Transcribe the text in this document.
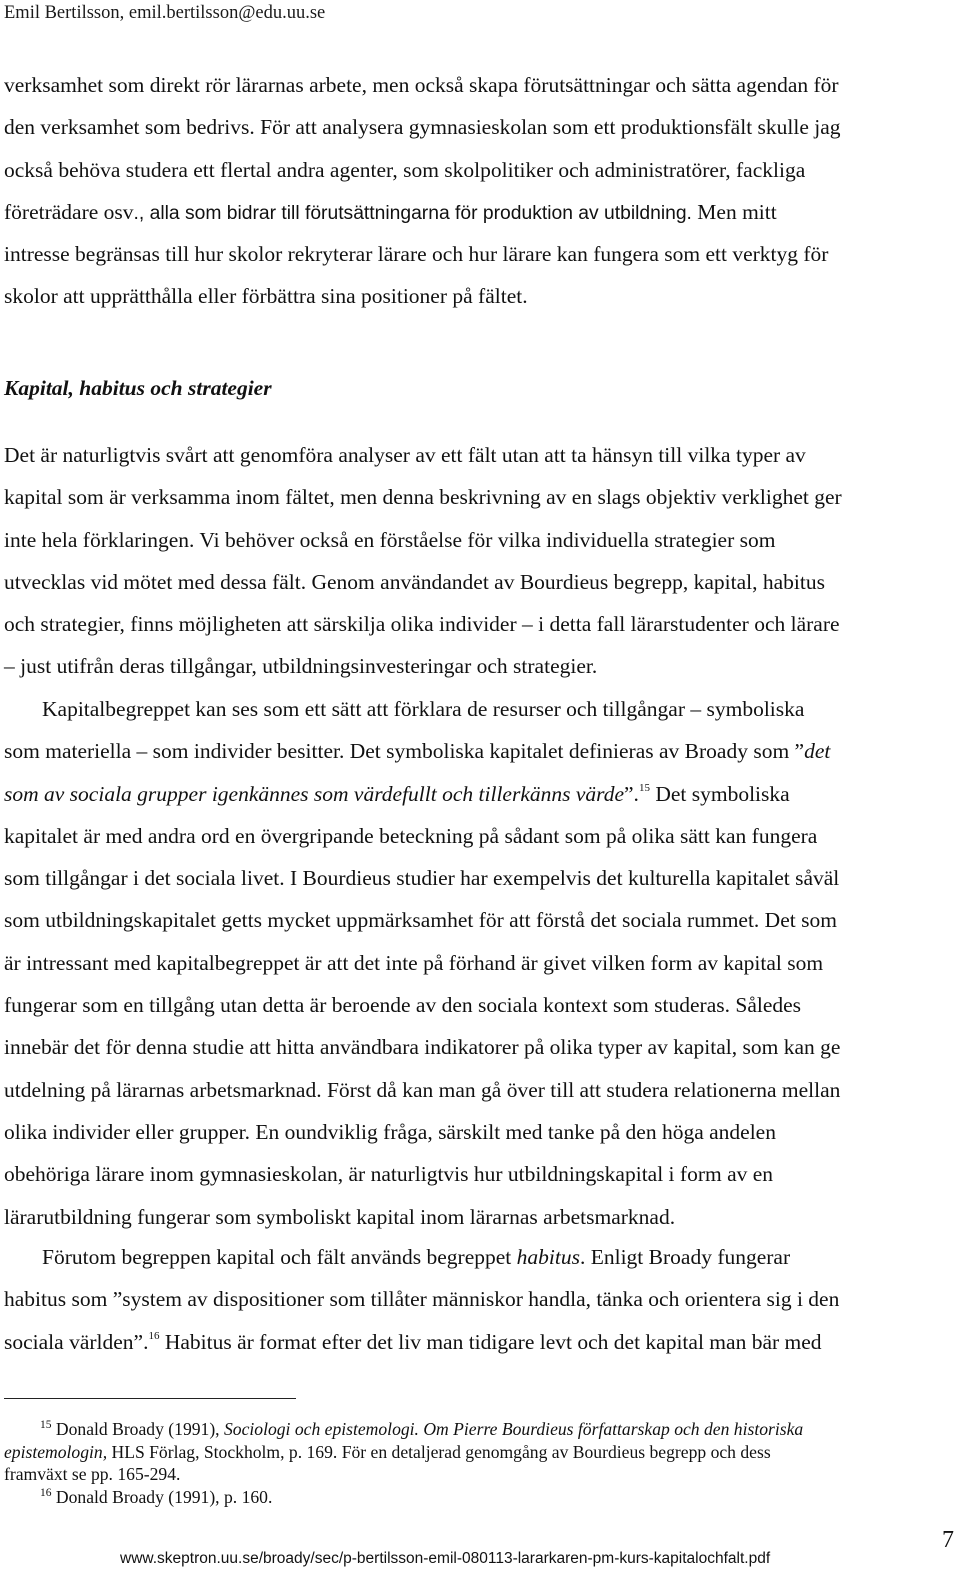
Emil Bertilsson, emil.bertilsson@edu.uu.se
verksamhet som direkt rör lärarnas arbete, men också skapa förutsättningar och sätta agendan för
den verksamhet som bedrivs. För att analysera gymnasieskolan som ett produktionsfält skulle jag
också behöva studera ett flertal andra agenter, som skolpolitiker och administratörer, fackliga
företrädare osv., alla som bidrar till förutsättningarna för produktion av utbildning. Men mitt
intresse begränsas till hur skolor rekryterar lärare och hur lärare kan fungera som ett verktyg för
skolor att upprätthålla eller förbättra sina positioner på fältet.
Kapital, habitus och strategier
Det är naturligtvis svårt att genomföra analyser av ett fält utan att ta hänsyn till vilka typer av
kapital som är verksamma inom fältet, men denna beskrivning av en slags objektiv verklighet ger
inte hela förklaringen. Vi behöver också en förståelse för vilka individuella strategier som
utvecklas vid mötet med dessa fält. Genom användandet av Bourdieus begrepp, kapital, habitus
och strategier, finns möjligheten att särskilja olika individer – i detta fall lärarstudenter och lärare
– just utifrån deras tillgångar, utbildningsinvesteringar och strategier.
Kapitalbegreppet kan ses som ett sätt att förklara de resurser och tillgångar – symboliska
som materiella – som individer besitter. Det symboliska kapitalet definieras av Broady som ”det
som av sociala grupper igenkännes som värdefullt och tillerkänns värde”.$^{15}$ Det symboliska
kapitalet är med andra ord en övergripande beteckning på sådant som på olika sätt kan fungera
som tillgångar i det sociala livet. I Bourdieus studier har exempelvis det kulturella kapitalet såväl
som utbildningskapitalet getts mycket uppmärksamhet för att förstå det sociala rummet. Det som
är intressant med kapitalbegreppet är att det inte på förhand är givet vilken form av kapital som
fungerar som en tillgång utan detta är beroende av den sociala kontext som studeras. Således
innebär det för denna studie att hitta användbara indikatorer på olika typer av kapital, som kan ge
utdelning på lärarnas arbetsmarknad. Först då kan man gå över till att studera relationerna mellan
olika individer eller grupper. En oundviklig fråga, särskilt med tanke på den höga andelen
obehöriga lärare inom gymnasieskolan, är naturligtvis hur utbildningskapital i form av en
lärarutbildning fungerar som symboliskt kapital inom lärarnas arbetsmarknad.
Förutom begreppen kapital och fält används begreppet habitus. Enligt Broady fungerar
habitus som ”system av dispositioner som tillåter människor handla, tänka och orientera sig i den
sociala världen”.$^{16}$ Habitus är format efter det liv man tidigare levt och det kapital man bär med
$^{15}$ Donald Broady (1991), Sociologi och epistemologi. Om Pierre Bourdieus författarskap och den historiska
epistemologin, HLS Förlag, Stockholm, p. 169. För en detaljerad genomgång av Bourdieus begrepp och dess
framväxt se pp. 165-294.
$^{16}$ Donald Broady (1991), p. 160.
7
www.skeptron.uu.se/broady/sec/p-bertilsson-emil-080113-lararkaren-pm-kurs-kapitalochfalt.pdf
